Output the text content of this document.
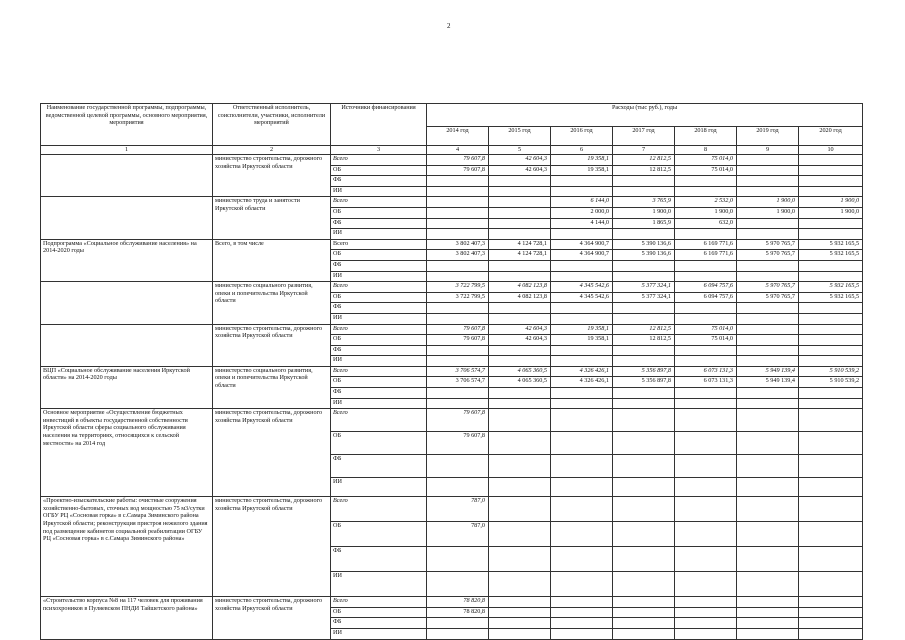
2
Наименование государственной программы, подпрограммы, ведомственной целевой программы, основного мероприятия, мероприятия	Ответственный исполнитель, соисполнители, участники, исполнители мероприятий	Источники финансирования	Расходы (тыс руб.), годы						
			2014 год	2015 год	2016 год	2017 год	2018 год	2019 год	2020 год
1	2	3	4	5	6	7	8	9	10
	министерство строительства, дорожного хозяйства Иркутской области	Всего	79 607,8	42 604,3	19 358,1	12 812,5	75 014,0		
		ОБ	79 607,8	42 604,3	19 358,1	12 812,5	75 014,0		
		ФБ							
		ИИ							
	министерство труда и занятости Иркутской области	Всего			6 144,0	3 765,9	2 532,0	1 900,0	1 900,0
		ОБ			2 000,0	1 900,0	1 900,0	1 900,0	1 900,0
		ФБ			4 144,0	1 865,9	632,0		
		ИИ							
Подпрограмма «Социальное обслуживание населения» на 2014-2020 годы	Всего, в том числе	Всего	3 802 407,3	4 124 728,1	4 364 900,7	5 390 136,6	6 169 771,6	5 970 765,7	5 932 165,5
		ОБ	3 802 407,3	4 124 728,1	4 364 900,7	5 390 136,6	6 169 771,6	5 970 765,7	5 932 165,5
		ФБ							
		ИИ							
	министерство социального развития, опеки и попечительства Иркутской области	Всего	3 722 799,5	4 082 123,8	4 345 542,6	5 377 324,1	6 094 757,6	5 970 765,7	5 932 165,5
		ОБ	3 722 799,5	4 082 123,8	4 345 542,6	5 377 324,1	6 094 757,6	5 970 765,7	5 932 165,5
		ФБ							
		ИИ							
	министерство строительства, дорожного хозяйства Иркутской области	Всего	79 607,8	42 604,3	19 358,1	12 812,5	75 014,0		
		ОБ	79 607,8	42 604,3	19 358,1	12 812,5	75 014,0		
		ФБ							
		ИИ							
ВЦП «Социальное обслуживание населения Иркутской области» на 2014-2020 годы	министерство социального развития, опеки и попечительства Иркутской области	Всего	3 706 574,7	4 065 360,5	4 326 426,1	5 356 897,8	6 073 131,3	5 949 139,4	5 910 539,2
		ОБ	3 706 574,7	4 065 360,5	4 326 426,1	5 356 897,8	6 073 131,3	5 949 139,4	5 910 539,2
		ФБ							
		ИИ							
Основное мероприятие «Осуществление бюджетных инвестиций в объекты государственной собственности Иркутской области сферы социального обслуживания населения на территориях, относящихся к сельской местности» на 2014 год	министерство строительства, дорожного хозяйства Иркутской области	Всего	79 607,8						
		ОБ	79 607,8						
		ФБ							
		ИИ							
«Проектно-изыскательские работы: очистные сооружения хозяйственно-бытовых, сточных вод мощностью 75 м3/сутки ОГБУ РЦ «Сосновая горка» в с.Самара Зиминского района Иркутской области; реконструкция пристроя нежилого здания под размещение кабинетов социальной реабилитации ОГБУ РЦ «Сосновая горка» в с.Самара Зиминского района»	министерство строительства, дорожного хозяйства Иркутской области	Всего	787,0						
		ОБ	787,0						
		ФБ							
		ИИ							
«Строительство корпуса №8 на 117 человек для проживания психохроников в Пуляевском ПНДИ Тайшетского района»	министерство строительства, дорожного хозяйства Иркутской области	Всего	78 820,8						
		ОБ	78 820,8						
		ФБ							
		ИИ							
